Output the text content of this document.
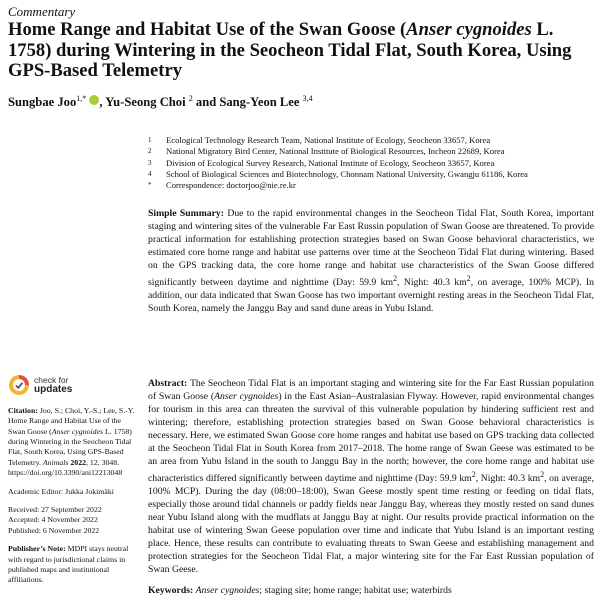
Commentary
Home Range and Habitat Use of the Swan Goose (Anser cygnoides L. 1758) during Wintering in the Seocheon Tidal Flat, South Korea, Using GPS-Based Telemetry
Sungbae Joo$^{1,*}$ , Yu-Seong Choi $^2$ and Sang-Yeon Lee $^{3,4}$
1	Ecological Technology Research Team, National Institute of Ecology, Seocheon 33657, Korea
2	National Migratory Bird Center, National Institute of Biological Resources, Incheon 22689, Korea
3	Division of Ecological Survey Research, National Institute of Ecology, Seocheon 33657, Korea
4	School of Biological Sciences and Biotechnology, Chonnam National University, Gwangju 61186, Korea
*	Correspondence: doctorjoo@nie.re.kr

Simple Summary: Due to the rapid environmental changes in the Seocheon Tidal Flat, South Korea, important staging and wintering sites of the vulnerable Far East Russin population of Swan Goose are threatened. To provide practical information for establishing protection strategies based on Swan Goose behavioral characteristics, we estimated core home range and habitat use patterns over time at the Seocheon Tidal Flat during wintering. Based on the GPS tracking data, the core home range and habitat use characteristics of the Swan Goose differed significantly between daytime and nighttime (Day: 59.9 $km^2$, Night: 40.3 $km^2$, on average, 100% MCP). In addition, our data indicated that Swan Goose has two important overnight resting areas in the Seocheon Tidal Flat, South Korea, namely the Janggu Bay and sand dune areas in Yubu Island.

Abstract: The Seocheon Tidal Flat is an important staging and wintering site for the Far East Russian population of Swan Goose (Anser cygnoides) in the East Asian–Australasian Flyway. However, rapid environmental changes for tourism in this area can threaten the survival of this vulnerable population by hindering sufficient rest and wintering; therefore, establishing protection strategies based on Swan Goose behavioral characteristics is necessary. Here, we estimated Swan Goose core home ranges and habitat use based on GPS tracking data collected at the Seocheon Tidal Flat in South Korea from 2017–2018. The home range of Swan Geese was estimated to be an area from Yubu Island in the south to Janggu Bay in the north; however, the core home range and habitat use characteristics differed significantly between daytime and nighttime (Day: 59.9 $km^2$, Night: 40.3 $km^2$, on average, 100% MCP). During the day (08:00–18:00), Swan Geese mostly spent time resting or feeding on tidal flats, especially those around tidal channels or paddy fields near Janggu Bay, whereas they mostly rested on sand dunes near Yubu Island along with the mudflats at Janggu Bay at night. Our results provide practical information on the habitat use of wintering Swan Geese population over time and indicate that Yubu Island is an important resting place. Hence, these results can contribute to evaluating threats to Swan Geese and establishing management and protection strategies for the Seocheon Tidal Flat, a major wintering site for the Far East Russian population of Swan Geese.

Keywords: Anser cygnoides; staging site; home range; habitat use; waterbirds
check for
updates

Citation: Joo, S.; Choi, Y.-S.; Lee, S.-Y. Home Range and Habitat Use of the Swan Goose (Anser cygnoides L. 1758) during Wintering in the Seocheon Tidal Flat, South Korea, Using GPS-Based Telemetry. Animals 2022, 12, 3048. https://doi.org/10.3390/ani12213048

Academic Editor: Jukka Jokimäki

Received: 27 September 2022

Accepted: 4 November 2022

Published: 6 November 2022

Publisher’s Note: MDPI stays neutral with regard to jurisdictional claims in published maps and institutional affiliations.
